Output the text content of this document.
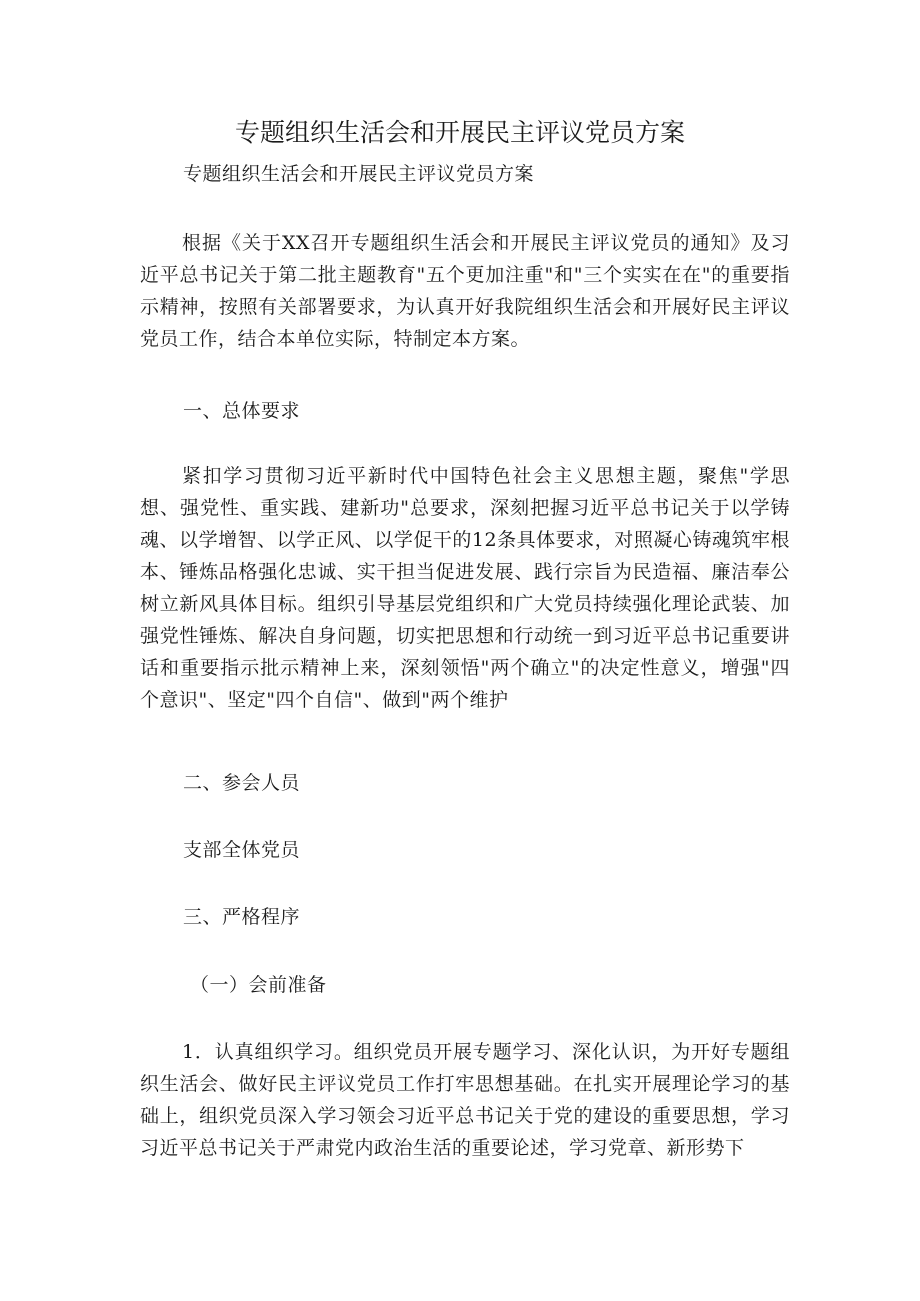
专题组织生活会和开展民主评议党员方案

专题组织生活会和开展民主评议党员方案

根据《关于XX召开专题组织生活会和开展民主评议党员的通知》及习近平总书记关于第二批主题教育"五个更加注重"和"三个实实在在"的重要指示精神，按照有关部署要求，为认真开好我院组织生活会和开展好民主评议党员工作，结合本单位实际，特制定本方案。

一、总体要求

紧扣学习贯彻习近平新时代中国特色社会主义思想主题，聚焦"学思想、强党性、重实践、建新功"总要求，深刻把握习近平总书记关于以学铸魂、以学增智、以学正风、以学促干的12条具体要求，对照凝心铸魂筑牢根本、锤炼品格强化忠诚、实干担当促进发展、践行宗旨为民造福、廉洁奉公树立新风具体目标。组织引导基层党组织和广大党员持续强化理论武装、加强党性锤炼、解决自身问题，切实把思想和行动统一到习近平总书记重要讲话和重要指示批示精神上来，深刻领悟"两个确立"的决定性意义，增强"四个意识"、坚定"四个自信"、做到"两个维护

二、参会人员

支部全体党员

三、严格程序

（一）会前准备

1．认真组织学习。组织党员开展专题学习、深化认识，为开好专题组织生活会、做好民主评议党员工作打牢思想基础。在扎实开展理论学习的基础上，组织党员深入学习领会习近平总书记关于党的建设的重要思想，学习习近平总书记关于严肃党内政治生活的重要论述，学习党章、新形势下
